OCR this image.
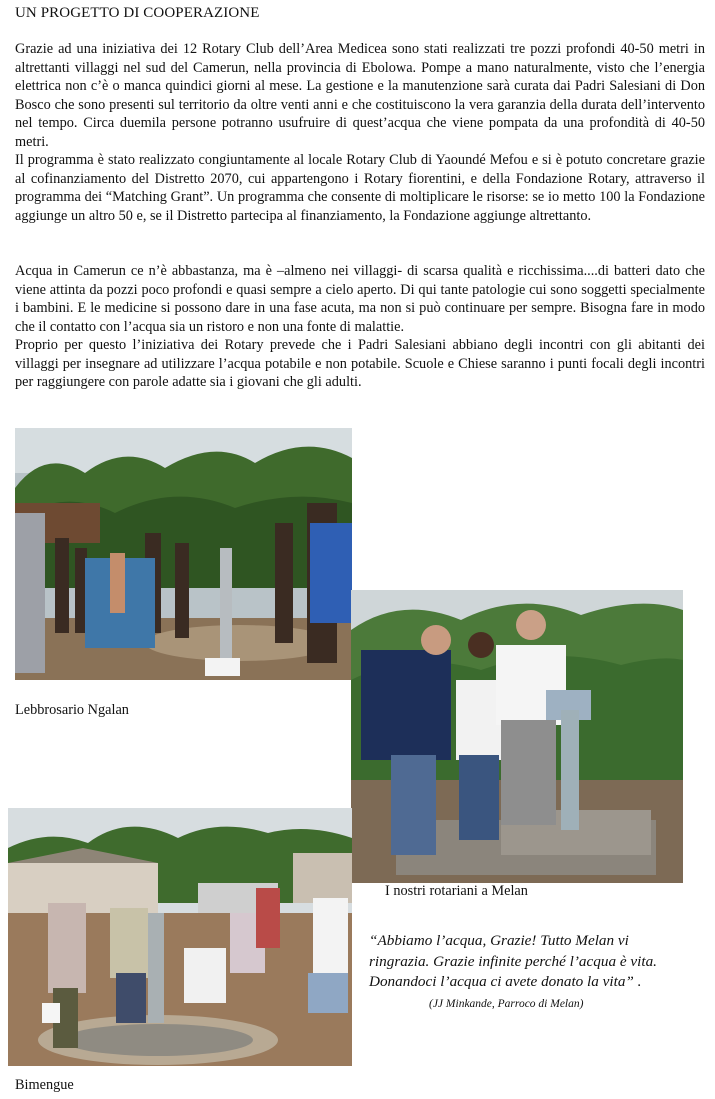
UN PROGETTO DI COOPERAZIONE
Grazie ad una iniziativa dei 12 Rotary Club dell’Area Medicea sono stati realizzati tre pozzi profondi 40-50 metri in altrettanti villaggi nel sud del Camerun, nella provincia di Ebolowa. Pompe a mano naturalmente, visto che l’energia elettrica non c’è o manca quindici giorni al mese. La gestione e la manutenzione sarà curata dai Padri Salesiani di Don Bosco che sono presenti sul territorio da oltre venti anni e che costituiscono la vera garanzia della durata dell’intervento nel tempo. Circa duemila persone potranno usufruire di quest’acqua che viene pompata da una profondità di 40-50 metri.
Il programma è stato realizzato congiuntamente al locale Rotary Club di Yaoundé Mefou e si è potuto concretare grazie al cofinanziamento del Distretto 2070, cui appartengono i Rotary fiorentini, e della Fondazione Rotary, attraverso il programma dei “Matching Grant”. Un programma che consente di moltiplicare le risorse: se io metto 100 la Fondazione aggiunge un altro 50 e, se il Distretto partecipa al finanziamento, la Fondazione aggiunge altrettanto.
Acqua in Camerun ce n’è abbastanza, ma è –almeno nei villaggi- di scarsa qualità e ricchissima....di batteri dato che viene attinta da pozzi poco profondi e quasi sempre a cielo aperto. Di qui tante patologie cui sono soggetti specialmente i bambini. E le medicine si possono dare in una fase acuta, ma non si può continuare per sempre. Bisogna fare in modo che il contatto con l’acqua sia un ristoro e non una fonte di malattie.
Proprio per questo l’iniziativa dei Rotary prevede che i Padri Salesiani abbiano degli incontri con gli abitanti dei villaggi per insegnare ad utilizzare l’acqua potabile e non potabile. Scuole e Chiese saranno i punti focali degli incontri per raggiungere con parole adatte sia i giovani che gli adulti.
Lebbrosario Ngalan
I nostri rotariani a Melan
Bimengue
“Abbiamo l’acqua, Grazie! Tutto Melan vi ringrazia. Grazie infinite perché l’acqua è vita. Donandoci l’acqua ci avete donato la vita” . (JJ Minkande, Parroco di Melan)
